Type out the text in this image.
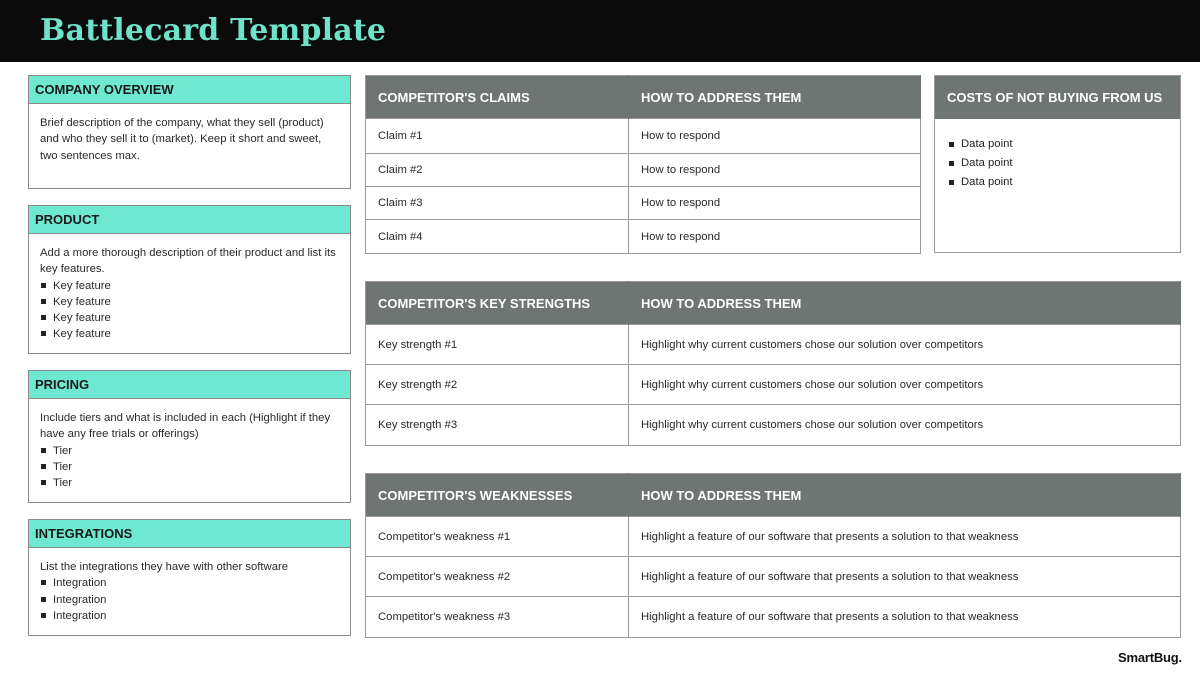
Battlecard Template
COMPANY OVERVIEW
Brief description of the company, what they sell (product) and who they sell it to (market). Keep it short and sweet, two sentences max.
PRODUCT
Add a more thorough description of their product and list its key features.
Key feature
Key feature
Key feature
Key feature
PRICING
Include tiers and what is included in each (Highlight if they have any free trials or offerings)
Tier
Tier
Tier
INTEGRATIONS
List the integrations they have with other software
Integration
Integration
Integration
COMPETITOR'S CLAIMS	HOW TO ADDRESS THEM
Claim #1	How to respond
Claim #2	How to respond
Claim #3	How to respond
Claim #4	How to respond
COSTS OF NOT BUYING FROM US
Data point
Data point
Data point
COMPETITOR'S KEY STRENGTHS	HOW TO ADDRESS THEM
Key strength #1	Highlight why current customers chose our solution over competitors
Key strength #2	Highlight why current customers chose our solution over competitors
Key strength #3	Highlight why current customers chose our solution over competitors
COMPETITOR'S WEAKNESSES	HOW TO ADDRESS THEM
Competitor's weakness #1	Highlight a feature of our software that presents a solution to that weakness
Competitor's weakness #2	Highlight a feature of our software that presents a solution to that weakness
Competitor's weakness #3	Highlight a feature of our software that presents a solution to that weakness
SmartBug.
